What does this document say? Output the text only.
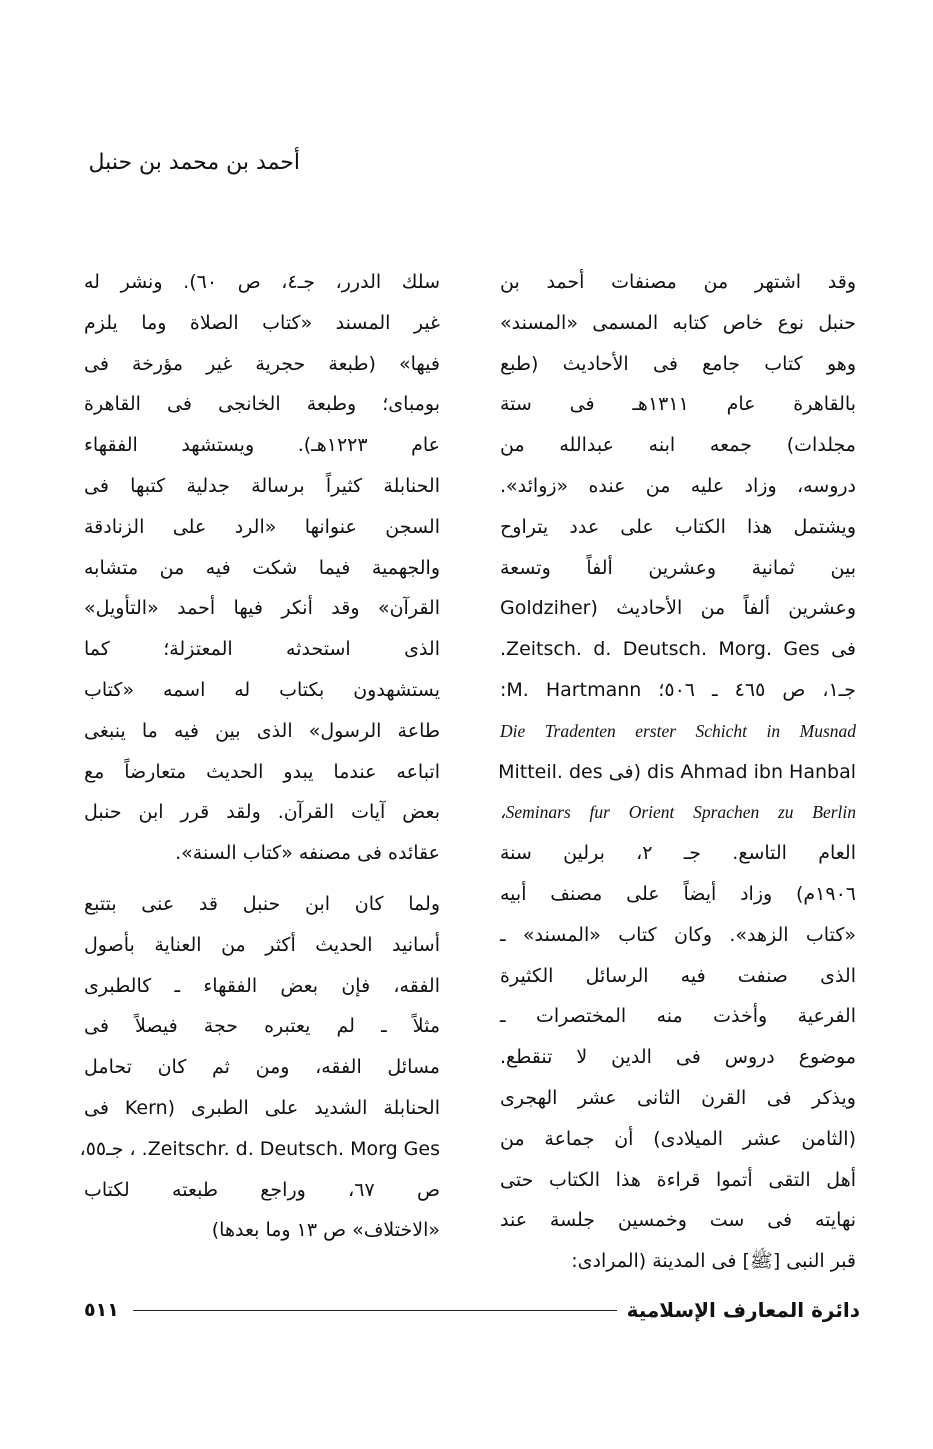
أحمد بن محمد بن حنبل
وقد اشتهر من مصنفات أحمد بن
حنبل نوع خاص كتابه المسمى «المسند»
وهو كتاب جامع فى الأحاديث (طبع
بالقاهرة عام ١٣١١هـ فى ستة
مجلدات) جمعه ابنه عبدالله من
دروسه، وزاد عليه من عنده «زوائد».
ويشتمل هذا الكتاب على عدد يتراوح
بين ثمانية وعشرين ألفاً وتسعة
وعشرين ألفاً من الأحاديث (Goldziher
فى Zeitsch. d. Deutsch. Morg. Ges.
جـ١، ص ٤٦٥ ـ ٥٠٦؛ M. Hartmann:
Die Tradenten erster Schicht in Musnad
dis Ahmad ibn Hanbal (فى Mitteil. des
Seminars fur Orient Sprachen zu Berlin،
العام التاسع. جـ ٢، برلين سنة
١٩٠٦م) وزاد أيضاً على مصنف أبيه
«كتاب الزهد». وكان كتاب «المسند» ـ
الذى صنفت فيه الرسائل الكثيرة
الفرعية وأخذت منه المختصرات ـ
موضوع دروس فى الدين لا تنقطع.
ويذكر فى القرن الثانى عشر الهجرى
(الثامن عشر الميلادى) أن جماعة من
أهل التقى أتموا قراءة هذا الكتاب حتى
نهايته فى ست وخمسين جلسة عند
قبر النبى [ﷺ] فى المدينة (المرادى:
سلك الدرر، جـ٤، ص ٦٠). ونشر له
غير المسند «كتاب الصلاة وما يلزم
فيها» (طبعة حجرية غير مؤرخة فى
بومباى؛ وطبعة الخانجى فى القاهرة
عام ١٢٢٣هـ). ويستشهد الفقهاء
الحنابلة كثيراً برسالة جدلية كتبها فى
السجن عنوانها «الرد على الزنادقة
والجهمية فيما شكت فيه من متشابه
القرآن» وقد أنكر فيها أحمد «التأويل»
الذى استحدثه المعتزلة؛ كما
يستشهدون بكتاب له اسمه «كتاب
طاعة الرسول» الذى بين فيه ما ينبغى
اتباعه عندما يبدو الحديث متعارضاً مع
بعض آيات القرآن. ولقد قرر ابن حنبل
عقائده فى مصنفه «كتاب السنة».
ولما كان ابن حنبل قد عنى بتتبع
أسانيد الحديث أكثر من العناية بأصول
الفقه، فإن بعض الفقهاء ـ كالطبرى
مثلاً ـ لم يعتبره حجة فيصلاً فى
مسائل الفقه، ومن ثم كان تحامل
الحنابلة الشديد على الطبرى (Kern فى
Zeitschr. d. Deutsch. Morg Ges. ، جـ٥٥،
ص ٦٧، وراجع طبعته لكتاب
«الاختلاف» ص ١٣ وما بعدها)
٥١١	دائرة المعارف الإسلامية
